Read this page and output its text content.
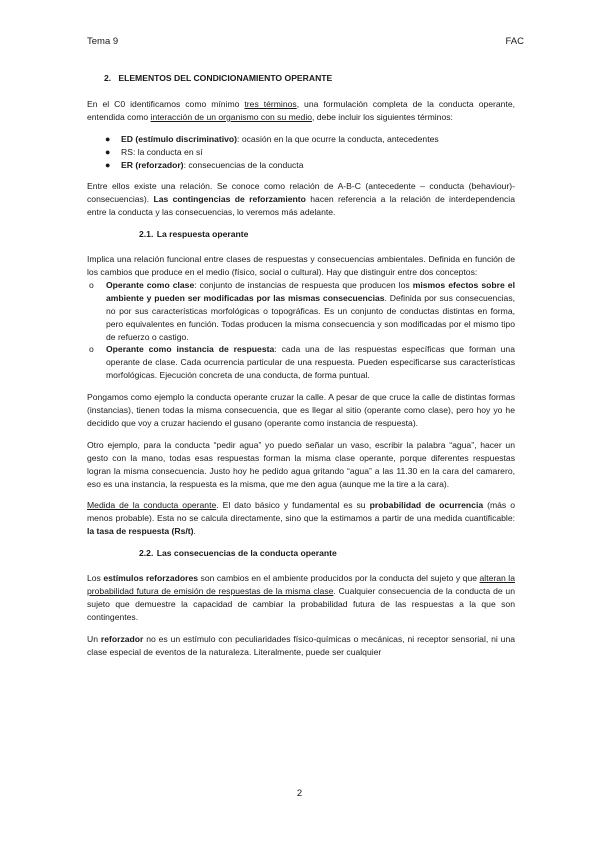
Tema 9	FAC
2. ELEMENTOS DEL CONDICIONAMIENTO OPERANTE

En el C0 identificamos como mínimo tres términos, una formulación completa de la conducta operante, entendida como interacción de un organismo con su medio, debe incluir los siguientes términos:

● ED (estímulo discriminativo): ocasión en la que ocurre la conducta, antecedentes
● RS: la conducta en sí
● ER (reforzador): consecuencias de la conducta

Entre ellos existe una relación. Se conoce como relación de A-B-C (antecedente – conducta (behaviour)- consecuencias). Las contingencias de reforzamiento hacen referencia a la relación de interdependencia entre la conducta y las consecuencias, lo veremos más adelante.

2.1. La respuesta operante

Implica una relación funcional entre clases de respuestas y consecuencias ambientales. Definida en función de los cambios que produce en el medio (físico, social o cultural). Hay que distinguir entre dos conceptos:

o Operante como clase: conjunto de instancias de respuesta que producen los mismos efectos sobre el ambiente y pueden ser modificadas por las mismas consecuencias. Definida por sus consecuencias, no por sus características morfológicas o topográficas. Es un conjunto de conductas distintas en forma, pero equivalentes en función. Todas producen la misma consecuencia y son modificadas por el mismo tipo de refuerzo o castigo.
o Operante como instancia de respuesta: cada una de las respuestas específicas que forman una operante de clase. Cada ocurrencia particular de una respuesta. Pueden especificarse sus características morfológicas. Ejecución concreta de una conducta, de forma puntual.

Pongamos como ejemplo la conducta operante cruzar la calle. A pesar de que cruce la calle de distintas formas (instancias), tienen todas la misma consecuencia, que es llegar al sitio (operante como clase), pero hoy yo he decidido que voy a cruzar haciendo el gusano (operante como instancia de respuesta).

Otro ejemplo, para la conducta “pedir agua” yo puedo señalar un vaso, escribir la palabra “agua”, hacer un gesto con la mano, todas esas respuestas forman la misma clase operante, porque diferentes respuestas logran la misma consecuencia. Justo hoy he pedido agua gritando “agua” a las 11.30 en la cara del camarero, eso es una instancia, la respuesta es la misma, que me den agua (aunque me la tire a la cara).

Medida de la conducta operante. El dato básico y fundamental es su probabilidad de ocurrencia (más o menos probable). Esta no se calcula directamente, sino que la estimamos a partir de una medida cuantificable: la tasa de respuesta (Rs/t).

2.2. Las consecuencias de la conducta operante

Los estímulos reforzadores son cambios en el ambiente producidos por la conducta del sujeto y que alteran la probabilidad futura de emisión de respuestas de la misma clase. Cualquier consecuencia de la conducta de un sujeto que demuestre la capacidad de cambiar la probabilidad futura de las respuestas a la que son contingentes.

Un reforzador no es un estímulo con peculiaridades físico-químicas o mecánicas, ni receptor sensorial, ni una clase especial de eventos de la naturaleza. Literalmente, puede ser cualquier

2
